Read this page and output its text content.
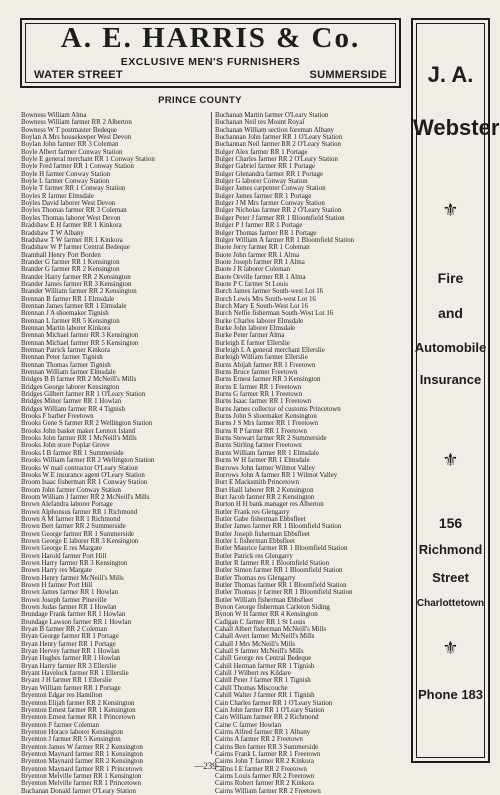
A. E. HARRIS & Co.
EXCLUSIVE MEN'S FURNISHERS
WATER STREET	SUMMERSIDE
PRINCE COUNTY
Bowness William Alma
Bowness William farmer RR 2 Alberton
Bowness W T postmaster Bedeque
Boylan A Mrs housekeeper West Devon
Boylan John farmer RR 3 Coleman
Boyle Albert farmer Conway Station
Boyle E general merchant RR 1 Conway Station
Boyle Fred farmer RR 1 Conway Station
Boyle H farmer Conway Station
Boyle L farmer Conway Station
Boyle T farmer RR 1 Conway Station
Boyles R farmer Elmsdale
Boyles David laborer West Devon
Boyles Thomas farmer RR 3 Coleman
Boyles Thomas laborer West Devon
Bradshaw E H farmer RR 1 Kinkora
Bradshaw T W Albany
Bradshaw T W farmer RR 1 Kinkora
Bradshaw W P farmer Central Bedeque
Bramhall Henry Port Borden
Brander G farmer RR 1 Kensington
Brander G farmer RR 2 Kensington
Brander Harry farmer RR 2 Kensington
Brander James farmer RR 3 Kensington
Brander William farmer RR 2 Kensington
Brennan B farmer RR 1 Elmsdale
Brennan James farmer RR 1 Elmsdale
Brennan J A shoemaker Tignish
Brennan L farmer RR 5 Kensington
Brennan Martin laborer Kinkora
Brennan Michael farmer RR 3 Kensington
Brennan Michael farmer RR 5 Kensington
Brennan Patrick farmer Kinkora
Brennan Peter farmer Tignish
Brennan Thomas farmer Tignish
Brennan William farmer Elmsdale
Bridges B B farmer RR 2 McNeill's Mills
Bridges George laborer Kensington
Bridges Gilbert farmer RR 1 O'Leary Station
Bridges Minor farmer RR 1 Howlan
Bridges William farmer RR 4 Tignish
Brooks F barber Freetown
Brooks Gene S farmer RR 2 Wellington Station
Brooks John basket maker Lennox Island
Brooks John farmer RR 1 McNeill's Mills
Brooks John store Poplar Grove
Brooks I B farmer RR 1 Summerside
Brooks William farmer RR 2 Wellington Station
Brooks W mail contractor O'Leary Station
Brooks W E insurance agent O'Leary Station
Broom Isaac fisherman RR 1 Conway Station
Broom John farmer Conway Station
Broom William J farmer RR 2 McNeill's Mills
Brown Alefandra laborer Portage
Brown Alphonsus farmer RR 1 Richmond
Brown A M farmer RR 1 Richmond
Brown Bert farmer RR 2 Summerside
Brown George farmer RR 1 Summerside
Brown George E laborer RR 3 Kensington
Brown George E res Margate
Brown Harold farmer Port Hill
Brown Harry farmer RR 3 Kensington
Brown Harry res Margate
Brown Henry farmer McNeill's Mills
Brown H farmer Port Hill
Brown James farmer RR 1 Howlan
Brown Joseph farmer Pineville
Brown Judas farmer RR 1 Howlan
Brundage Frank farmer RR 1 Howlan
Brundage Lawson farmer RR 1 Howlan
Bryan B farmer RR 2 Coleman
Bryan George farmer RR 1 Portage
Bryan Henry farmer RR 1 Portage
Bryan Hervey farmer RR 1 Howlan
Bryan Hughes farmer RR 1 Howlan
Bryan Harry farmer RR 3 Ellerslie
Bryant Havelock farmer RR 1 Ellerslie
Bryant J H farmer RR 1 Ellerslie
Bryan William farmer RR 1 Portage
Bryenton Edgar res Hamilton
Bryenton Elijah farmer RR 2 Kensington
Bryenton Ernest farmer RR 1 Kensington
Bryenton Ernest farmer RR 1 Princetown
Bryenton F farmer Coleman
Bryenton Horace laborer Kensington
Bryenton J farmer RR 5 Kensington
Bryenton James W farmer RR 2 Kensington
Bryenton Maynard farmer RR 1 Kensington
Bryenton Maynard farmer RR 2 Kensington
Bryenton Maynard farmer RR 1 Princetown
Bryenton Melville farmer RR 1 Kensington
Bryenton Melville farmer RR 1 Princetown
Buchanan Donald farmer O'Leary Station
Buchanan Martin farmer O'Leary Station
Buchanan Neil res Mount Royal
Buchanan William section foreman Albany
Buchannan John farmer RR 1 O'Leary Station
Buchannan Neil farmer RR 2 O'Leary Station
Bulger Alex farmer RR 1 Portage
Bulger Charles farmer RR 2 O'Leary Station
Bulger Gabriel farmer RR 1 Portage
Bulger Glenandra farmer RR 1 Portage
Bulger G laborer Conway Station
Bulger James carpenter Conway Station
Bulger James farmer RR 1 Portage
Bulger J M Mrs farmer Conway Station
Bulger Nicholas farmer RR 2 O'Leary Station
Bulger Peter J farmer RR 1 Bloomfield Station
Bulger P J farmer RR 1 Portage
Bulger Thomas farmer RR 1 Portage
Bulger William A farmer RR 1 Bloomfield Station
Buote Jerry farmer RR 1 Coleman
Buote John farmer RR 1 Alma
Buote Joseph farmer RR 1 Alma
Buote J R laborer Coleman
Buote Orville farmer RR 1 Alma
Buote P C farmer St Louis
Burch James farmer South-west Lot 16
Burch Lewis Mrs South-west Lot 16
Burch Mary E South-West Lot 16
Burch Nellie fisherman South-West Lot 16
Burke Charles laborer Elmsdale
Burke John laborer Elmsdale
Burke Peter farmer Alma
Burleigh E farmer Ellerslie
Burleigh L A general merchant Ellerslie
Burleigh William farmer Ellerslie
Burns Abijah farmer RR 1 Freetown
Burns Bruce farmer Freetown
Burns Ernest farmer RR 3 Kensington
Burns E farmer RR 1 Freetown
Burns G farmer RR 1 Freetown
Burns Isaac farmer RR 1 Freetown
Burns James collector of customs Princetown
Burns John S shoemaker Kensington
Burns J S Mrs farmer RR 1 Freetown
Burns R P farmer RR 1 Freetown
Burns Stewart farmer RR 2 Summerside
Burns Stirling farmer Freetown
Burns William farmer RR 1 Elmsdale
Burns W H farmer RR 1 Elmsdale
Burrows John farmer Wilmot Valley
Burrows John A farmer RR 1 Wilmot Valley
Burt E Macksmith Princetown
Burt Haill laborer RR 2 Kensington
Burt Jacob farmer RR 2 Kensington
Burton H H bank manager res Alberton
Butler Frank res Glengarry
Butler Gabe fisherman Ebbsfleet
Butler James farmer RR 1 Bloomfield Station
Butler Joseph fisherman Ebbsfleet
Butler L fisherman Ebbsfleet
Butler Maurice farmer RR 1 Bloomfield Station
Butler Patrick res Glengarry
Butler R farmer RR 1 Bloomfield Station
Butler Simon farmer RR 1 Bloomfield Station
Butler Thomas res Glengarry
Butler Thomas farmer RR 1 Bloomfield Station
Butler Thomas jr farmer RR 1 Bloomfield Station
Butler William fisherman Ebbsfleet
Bynon George fisherman Carleton Siding
Bynon W H farmer RR 4 Kensington
Cadigan C farmer RR 1 St Louis
Cahall Albert fisherman McNeill's Mills
Cahall Avert farmer McNeill's Mills
Cahall J Mrs McNeill's Mills
Cahall S farmer McNeill's Mills
Cahill George res Central Bedeque
Cahill Herman farmer RR 1 Tignish
Cahill J Wilbert res Kildare
Cahill Peter J farmer RR 1 Tignish
Cahill Thomas Miscouche
Cahill Walter J farmer RR 1 Tignish
Cain Charles farmer RR 1 O'Leary Station
Cain John farmer RR 1 O'Leary Station
Cain William farmer RR 2 Richmond
Caine C farmer Howlan
Cairns Alfred farmer RR 1 Albany
Cairns A farmer RR 2 Freetown
Cairns Ben farmer RR 3 Summerside
Cairns Frank L farmer RR 1 Freetown
Cairns John T farmer RR 2 Kinkora
Cairns I E farmer RR 2 Freetown
Cairns Louis farmer RR 2 Freetown
Cairns Robert farmer RR 2 Kinkora
Cairns William farmer RR 2 Freetown
J. A.
Webster
⚜
Fire
and
Automobile
Insurance
⚜
156
Richmond
Street
Charlottetown
⚜
Phone 183
—239—
